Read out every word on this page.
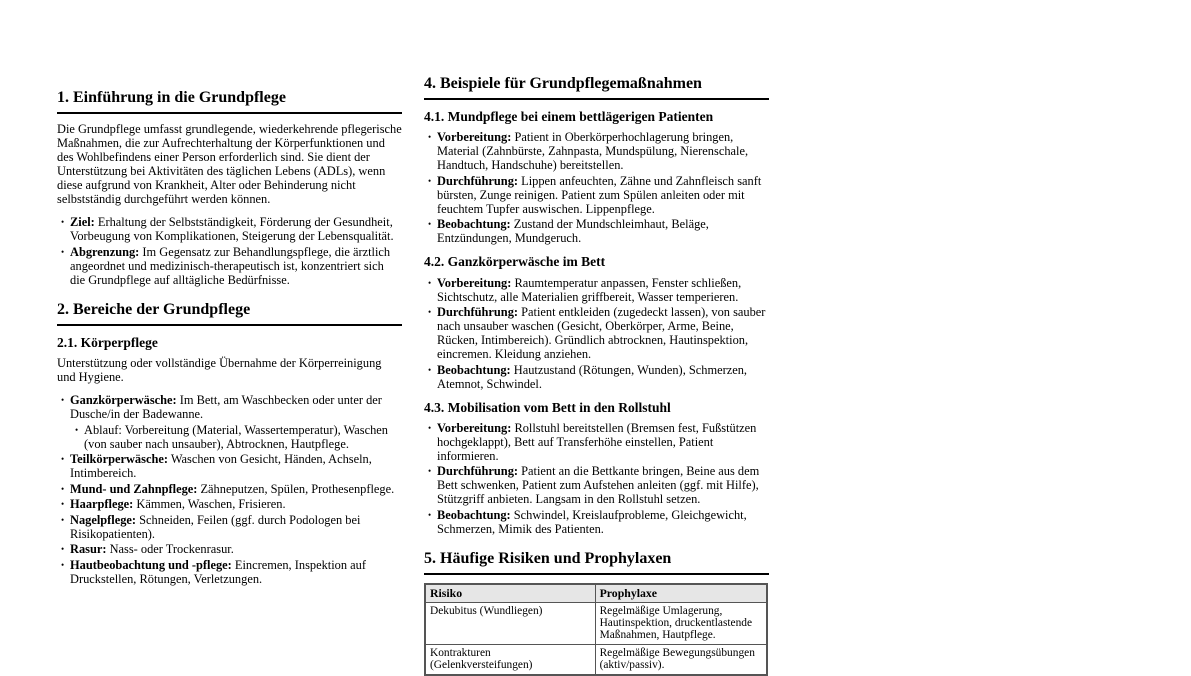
1. Einführung in die Grundpflege

Die Grundpflege umfasst grundlegende, wiederkehrende pflegerische Maßnahmen, die zur Aufrechterhaltung der Körperfunktionen und des Wohlbefindens einer Person erforderlich sind. Sie dient der Unterstützung bei Aktivitäten des täglichen Lebens (ADLs), wenn diese aufgrund von Krankheit, Alter oder Behinderung nicht selbstständig durchgeführt werden können.

• Ziel: Erhaltung der Selbstständigkeit, Förderung der Gesundheit, Vorbeugung von Komplikationen, Steigerung der Lebensqualität.
• Abgrenzung: Im Gegensatz zur Behandlungspflege, die ärztlich angeordnet und medizinisch-therapeutisch ist, konzentriert sich die Grundpflege auf alltägliche Bedürfnisse.
2. Bereiche der Grundpflege
2.1. Körperpflege

Unterstützung oder vollständige Übernahme der Körperreinigung und Hygiene.

• Ganzkörperwäsche: Im Bett, am Waschbecken oder unter der Dusche/in der Badewanne.
• Ablauf: Vorbereitung (Material, Wassertemperatur), Waschen (von sauber nach unsauber), Abtrocknen, Hautpflege.
• Teilkörperwäsche: Waschen von Gesicht, Händen, Achseln, Intimbereich.
• Mund- und Zahnpflege: Zähneputzen, Spülen, Prothesenpflege.
• Haarpflege: Kämmen, Waschen, Frisieren.
• Nagelpflege: Schneiden, Feilen (ggf. durch Podologen bei Risikopatienten).
• Rasur: Nass- oder Trockenrasur.
• Hautbeobachtung und -pflege: Eincremen, Inspektion auf Druckstellen, Rötungen, Verletzungen.
4. Beispiele für Grundpflegemaßnahmen
4.1. Mundpflege bei einem bettlägerigen Patienten
• Vorbereitung: Patient in Oberkörperhochlagerung bringen, Material (Zahnbürste, Zahnpasta, Mundspülung, Nierenschale, Handtuch, Handschuhe) bereitstellen.
• Durchführung: Lippen anfeuchten, Zähne und Zahnfleisch sanft bürsten, Zunge reinigen. Patient zum Spülen anleiten oder mit feuchtem Tupfer auswischen. Lippenpflege.
• Beobachtung: Zustand der Mundschleimhaut, Beläge, Entzündungen, Mundgeruch.
4.2. Ganzkörperwäsche im Bett
• Vorbereitung: Raumtemperatur anpassen, Fenster schließen, Sichtschutz, alle Materialien griffbereit, Wasser temperieren.
• Durchführung: Patient entkleiden (zugedeckt lassen), von sauber nach unsauber waschen (Gesicht, Oberkörper, Arme, Beine, Rücken, Intimbereich). Gründlich abtrocknen, Hautinspektion, eincremen. Kleidung anziehen.
• Beobachtung: Hautzustand (Rötungen, Wunden), Schmerzen, Atemnot, Schwindel.
4.3. Mobilisation vom Bett in den Rollstuhl
• Vorbereitung: Rollstuhl bereitstellen (Bremsen fest, Fußstützen hochgeklappt), Bett auf Transferhöhe einstellen, Patient informieren.
• Durchführung: Patient an die Bettkante bringen, Beine aus dem Bett schwenken, Patient zum Aufstehen anleiten (ggf. mit Hilfe), Stützgriff anbieten. Langsam in den Rollstuhl setzen.
• Beobachtung: Schwindel, Kreislaufprobleme, Gleichgewicht, Schmerzen, Mimik des Patienten.
5. Häufige Risiken und Prophylaxen
Risiko	Prophylaxe
Dekubitus (Wundliegen)	Regelmäßige Umlagerung, Hautinspektion, druckentlastende Maßnahmen, Hautpflege.
Kontrakturen (Gelenkversteifungen)	Regelmäßige Bewegungsübungen (aktiv/passiv).
